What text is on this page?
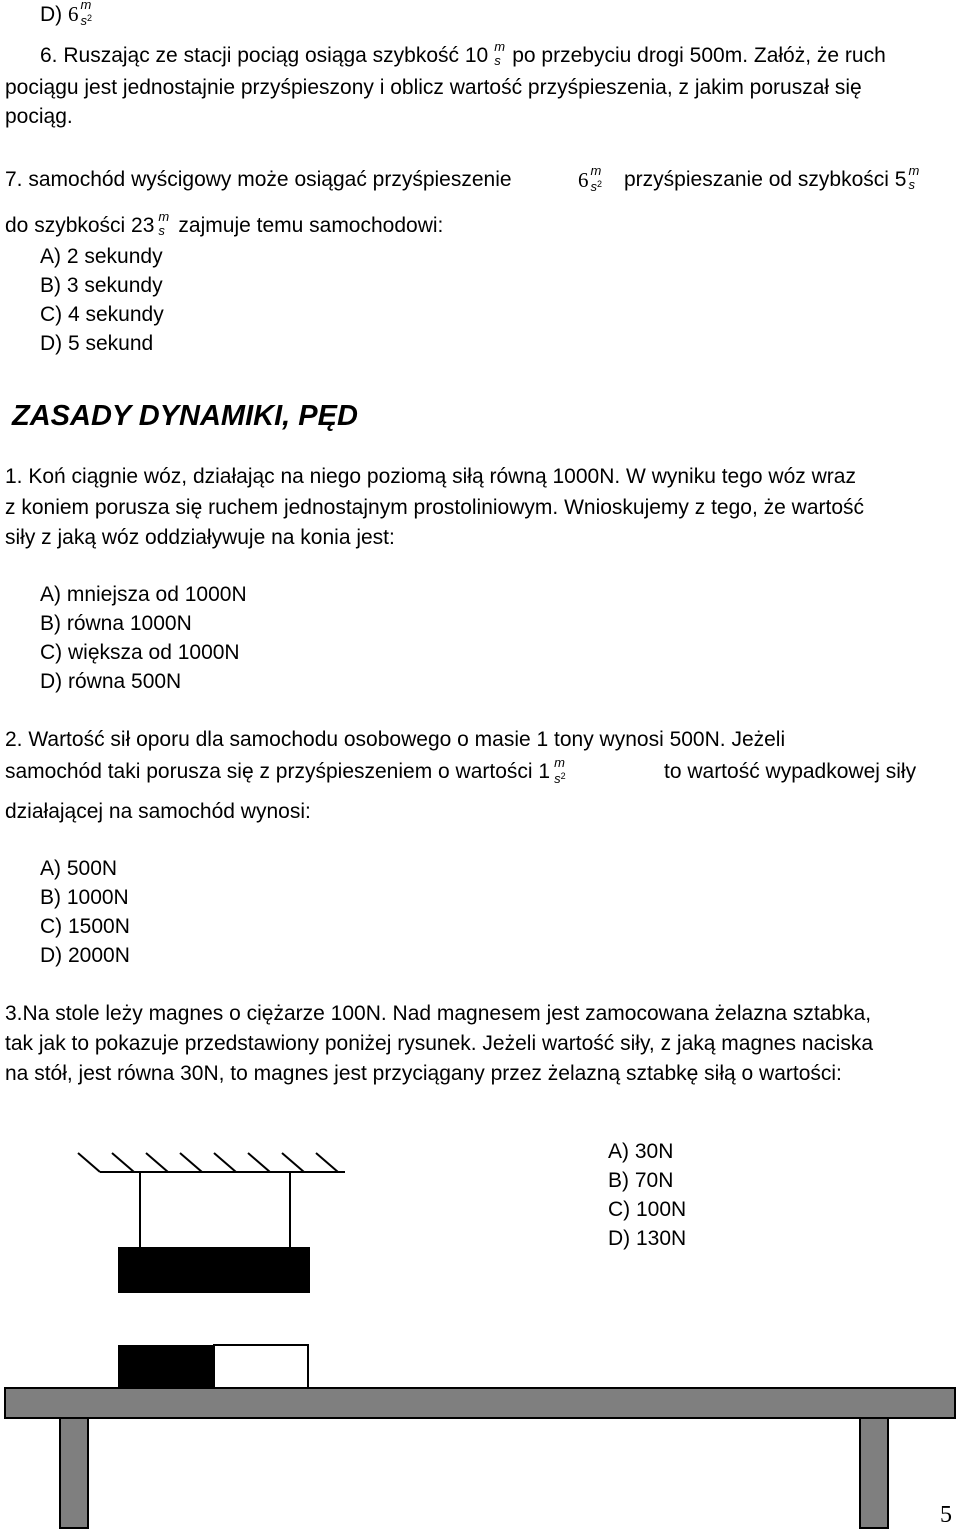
D) 6 m
$s^2$
6. Ruszając ze stacji pociąg osiąga szybkość 10 m
s po przebyciu drogi 500m. Załóż, że ruch
pociągu jest jednostajnie przyśpieszony i oblicz wartość przyśpieszenia, z jakim poruszał się
pociąg.
7. samochód wyścigowy może osiągać przyśpieszenie	6 m
$s^2$ przyśpieszanie od szybkości 5 m
s
do szybkości 23 m
s zajmuje temu samochodowi:
A) 2 sekundy
B) 3 sekundy
C) 4 sekundy
D) 5 sekund
ZASADY DYNAMIKI, PĘD
1. Koń ciągnie wóz, działając na niego poziomą siłą równą 1000N. W wyniku tego wóz wraz
z koniem porusza się ruchem jednostajnym prostoliniowym. Wnioskujemy z tego, że wartość
siły z jaką wóz oddziaływuje na konia jest:
A) mniejsza od 1000N
B) równa 1000N
C) większa od 1000N
D) równa 500N
2. Wartość sił oporu dla samochodu osobowego o masie 1 tony wynosi 500N. Jeżeli
samochód taki porusza się z przyśpieszeniem o wartości 1 m
$s^2$	to wartość wypadkowej siły
działającej na samochód wynosi:
A) 500N
B) 1000N
C) 1500N
D) 2000N
3.Na stole leży magnes o ciężarze 100N. Nad magnesem jest zamocowana żelazna sztabka,
tak jak to pokazuje przedstawiony poniżej rysunek. Jeżeli wartość siły, z jaką magnes naciska
na stół, jest równa 30N, to magnes jest przyciągany przez żelazną sztabkę siłą o wartości:
A) 30N
B) 70N
C) 100N
D) 130N
5
